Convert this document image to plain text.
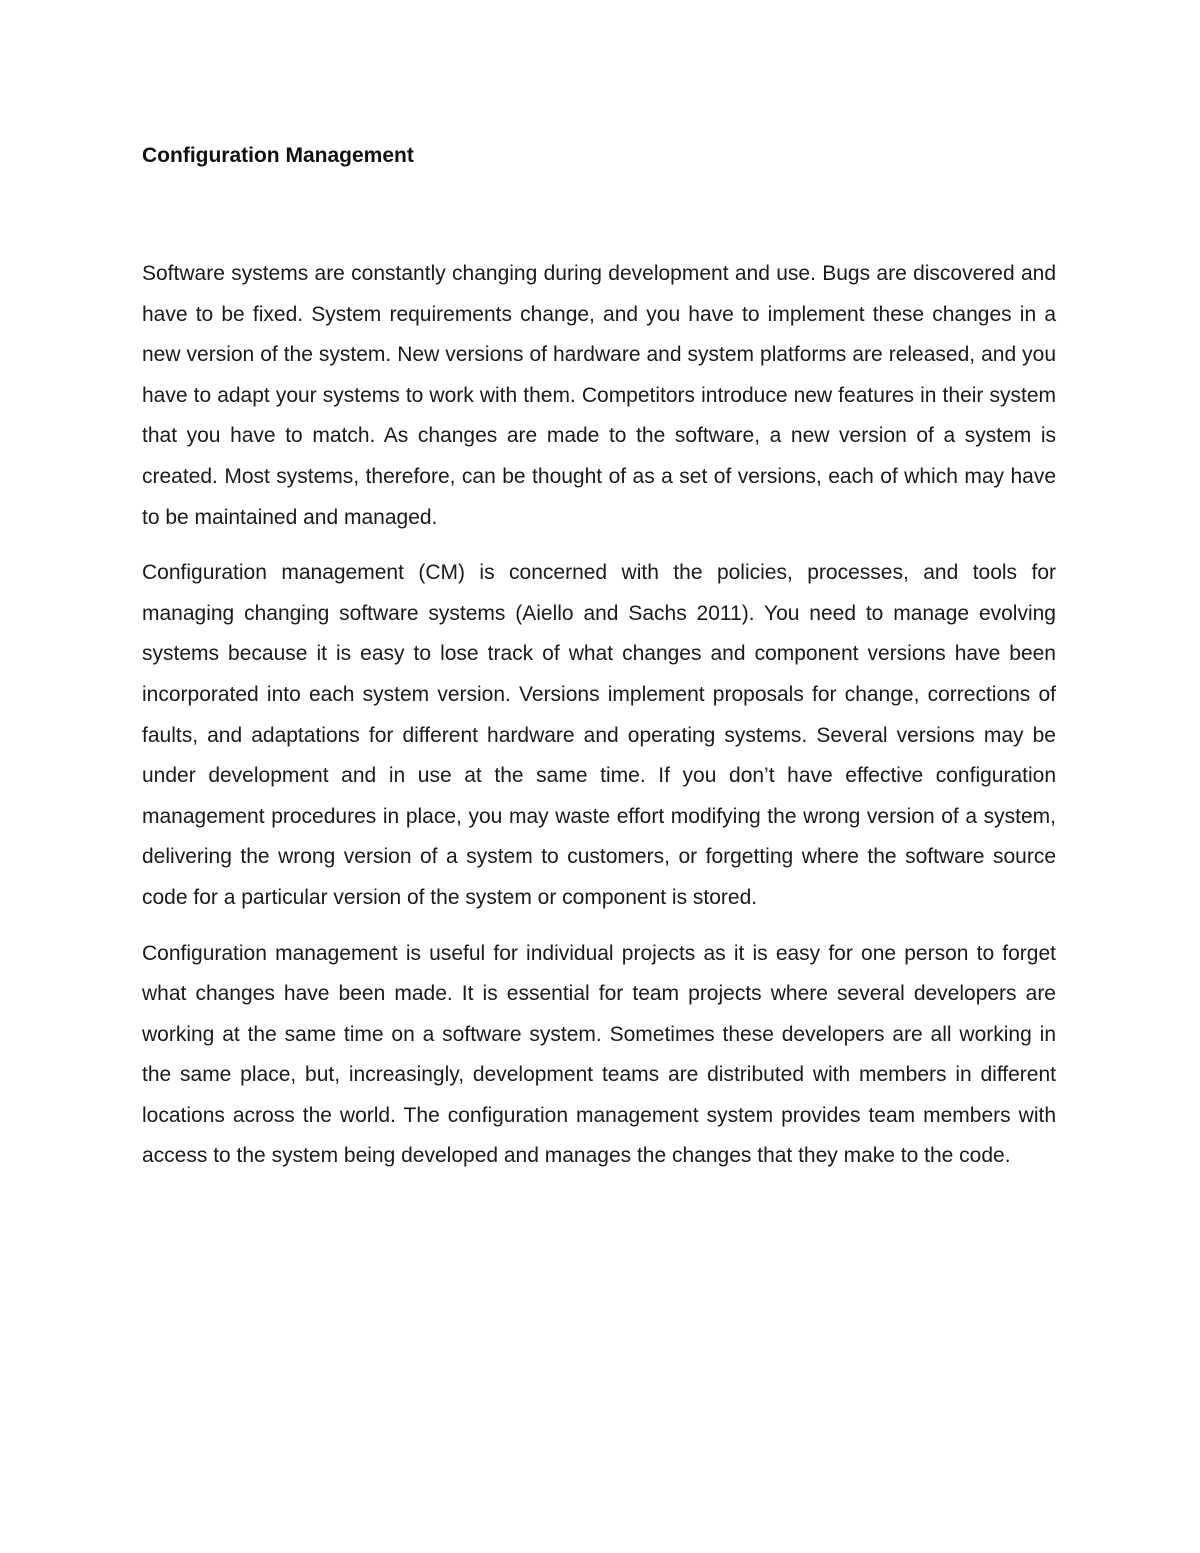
Configuration Management

Software systems are constantly changing during development and use. Bugs are discovered and have to be fixed. System requirements change, and you have to implement these changes in a new version of the system. New versions of hardware and system platforms are released, and you have to adapt your systems to work with them. Competitors introduce new features in their system that you have to match. As changes are made to the software, a new version of a system is created. Most systems, therefore, can be thought of as a set of versions, each of which may have to be maintained and managed.

Configuration management (CM) is concerned with the policies, processes, and tools for managing changing software systems (Aiello and Sachs 2011). You need to manage evolving systems because it is easy to lose track of what changes and component versions have been incorporated into each system version. Versions implement proposals for change, corrections of faults, and adaptations for different hardware and operating systems. Several versions may be under development and in use at the same time. If you don’t have effective configuration management procedures in place, you may waste effort modifying the wrong version of a system, delivering the wrong version of a system to customers, or forgetting where the software source code for a particular version of the system or component is stored.

Configuration management is useful for individual projects as it is easy for one person to forget what changes have been made. It is essential for team projects where several developers are working at the same time on a software system. Sometimes these developers are all working in the same place, but, increasingly, development teams are distributed with members in different locations across the world. The configuration management system provides team members with access to the system being developed and manages the changes that they make to the code.
